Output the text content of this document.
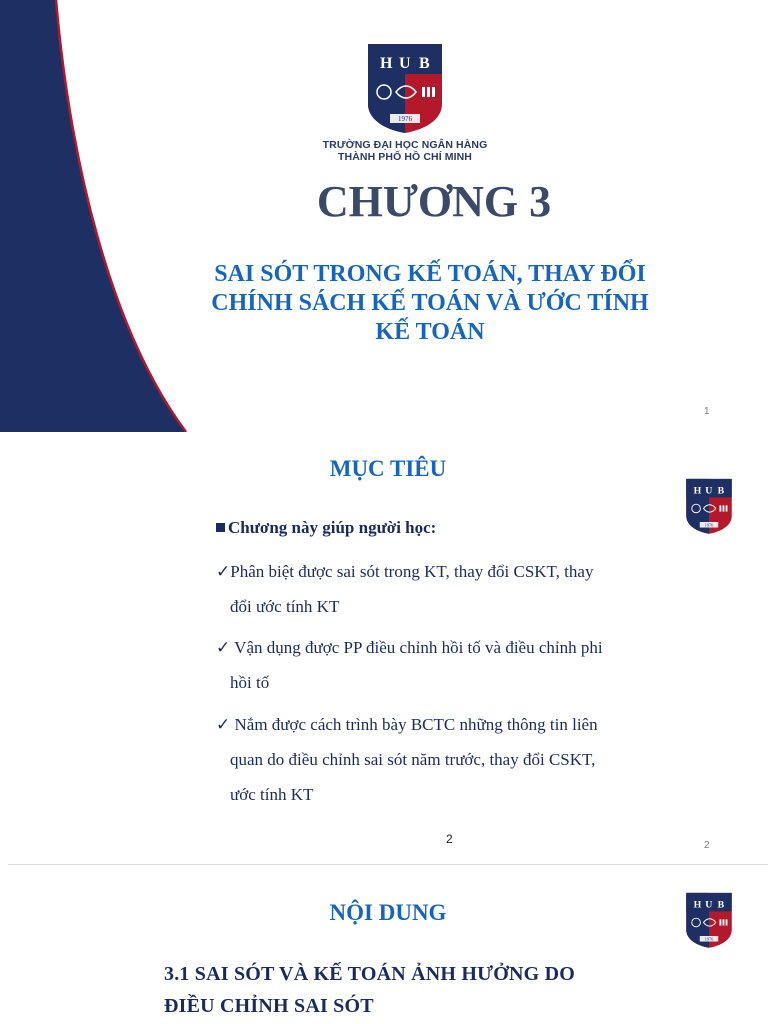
H U B
1976
TRƯỜNG ĐẠI HỌC NGÂN HÀNG
THÀNH PHỐ HỒ CHÍ MINH
CHƯƠNG 3
SAI SÓT TRONG KẾ TOÁN, THAY ĐỔI
CHÍNH SÁCH KẾ TOÁN VÀ ƯỚC TÍNH
KẾ TOÁN
1
MỤC TIÊU
H U B
1976
Chương này giúp người học:
✓Phân biệt được sai sót trong KT, thay đổi CSKT, thay
đổi ước tính KT
✓ Vận dụng được PP điều chỉnh hồi tố và điều chỉnh phi
hồi tố
✓ Nắm được cách trình bày BCTC những thông tin liên
quan do điều chỉnh sai sót năm trước, thay đổi CSKT,
ước tính KT
2	2
NỘI DUNG	H U B
1976
3.1 SAI SÓT VÀ KẾ TOÁN ẢNH HƯỞNG DO
ĐIỀU CHỈNH SAI SÓT
